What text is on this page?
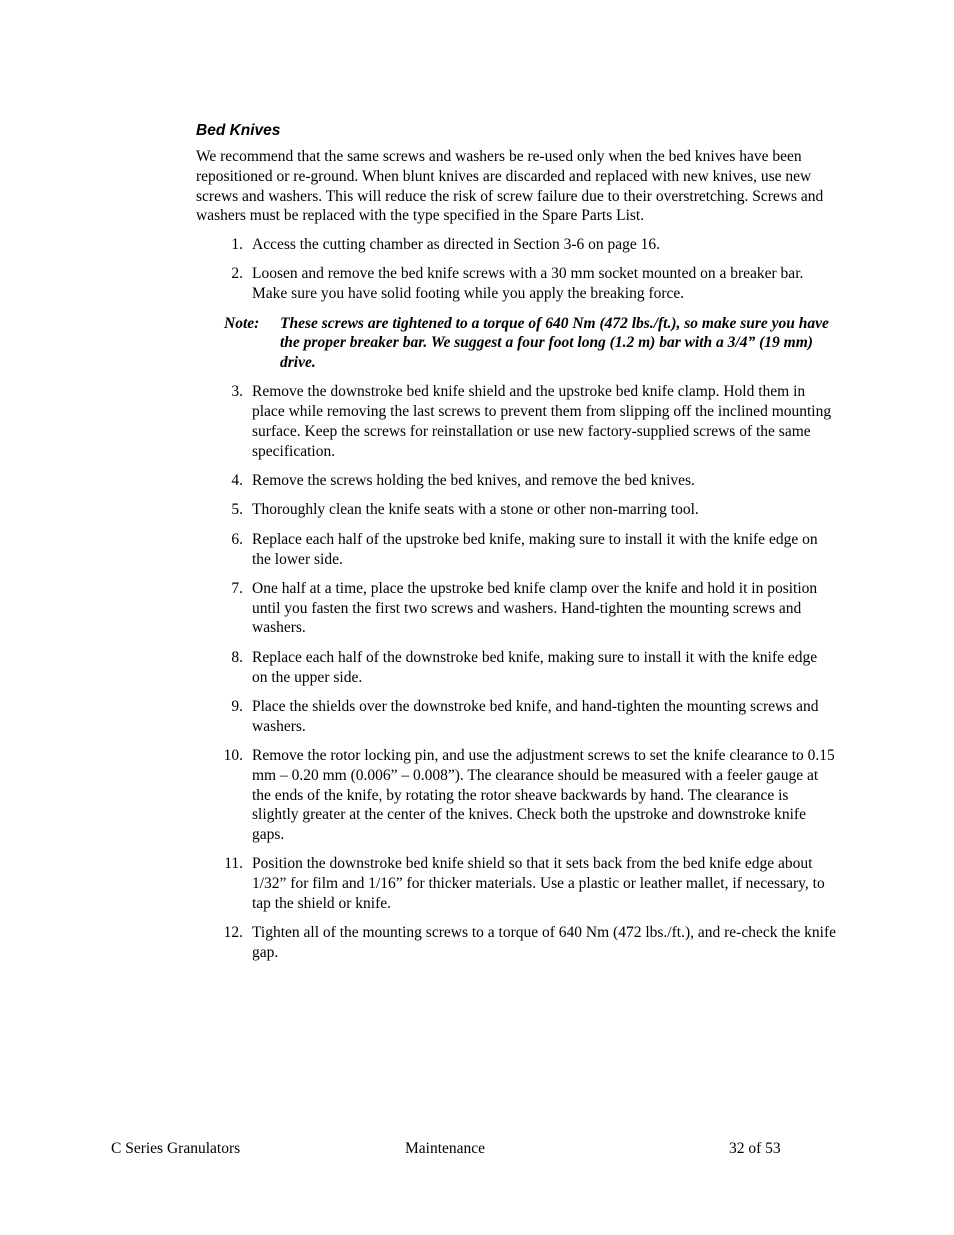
Bed Knives

We recommend that the same screws and washers be re-used only when the bed knives have been repositioned or re-ground. When blunt knives are discarded and replaced with new knives, use new screws and washers. This will reduce the risk of screw failure due to their overstretching. Screws and washers must be replaced with the type specified in the Spare Parts List.

1. Access the cutting chamber as directed in Section 3-6 on page 16.
2. Loosen and remove the bed knife screws with a 30 mm socket mounted on a breaker bar. Make sure you have solid footing while you apply the breaking force.
Note:	These screws are tightened to a torque of 640 Nm (472 lbs./ft.), so make sure you have the proper breaker bar. We suggest a four foot long (1.2 m) bar with a 3/4” (19 mm) drive.
3. Remove the downstroke bed knife shield and the upstroke bed knife clamp. Hold them in place while removing the last screws to prevent them from slipping off the inclined mounting surface. Keep the screws for reinstallation or use new factory-supplied screws of the same specification.
4. Remove the screws holding the bed knives, and remove the bed knives.
5. Thoroughly clean the knife seats with a stone or other non-marring tool.
6. Replace each half of the upstroke bed knife, making sure to install it with the knife edge on the lower side.
7. One half at a time, place the upstroke bed knife clamp over the knife and hold it in position until you fasten the first two screws and washers. Hand-tighten the mounting screws and washers.
8. Replace each half of the downstroke bed knife, making sure to install it with the knife edge on the upper side.
9. Place the shields over the downstroke bed knife, and hand-tighten the mounting screws and washers.
10. Remove the rotor locking pin, and use the adjustment screws to set the knife clearance to 0.15 mm – 0.20 mm (0.006” – 0.008”). The clearance should be measured with a feeler gauge at the ends of the knife, by rotating the rotor sheave backwards by hand. The clearance is slightly greater at the center of the knives. Check both the upstroke and downstroke knife gaps.
11. Position the downstroke bed knife shield so that it sets back from the bed knife edge about 1/32” for film and 1/16” for thicker materials. Use a plastic or leather mallet, if necessary, to tap the shield or knife.
12. Tighten all of the mounting screws to a torque of 640 Nm (472 lbs./ft.), and re-check the knife gap.
C Series Granulators	Maintenance	32 of 53
